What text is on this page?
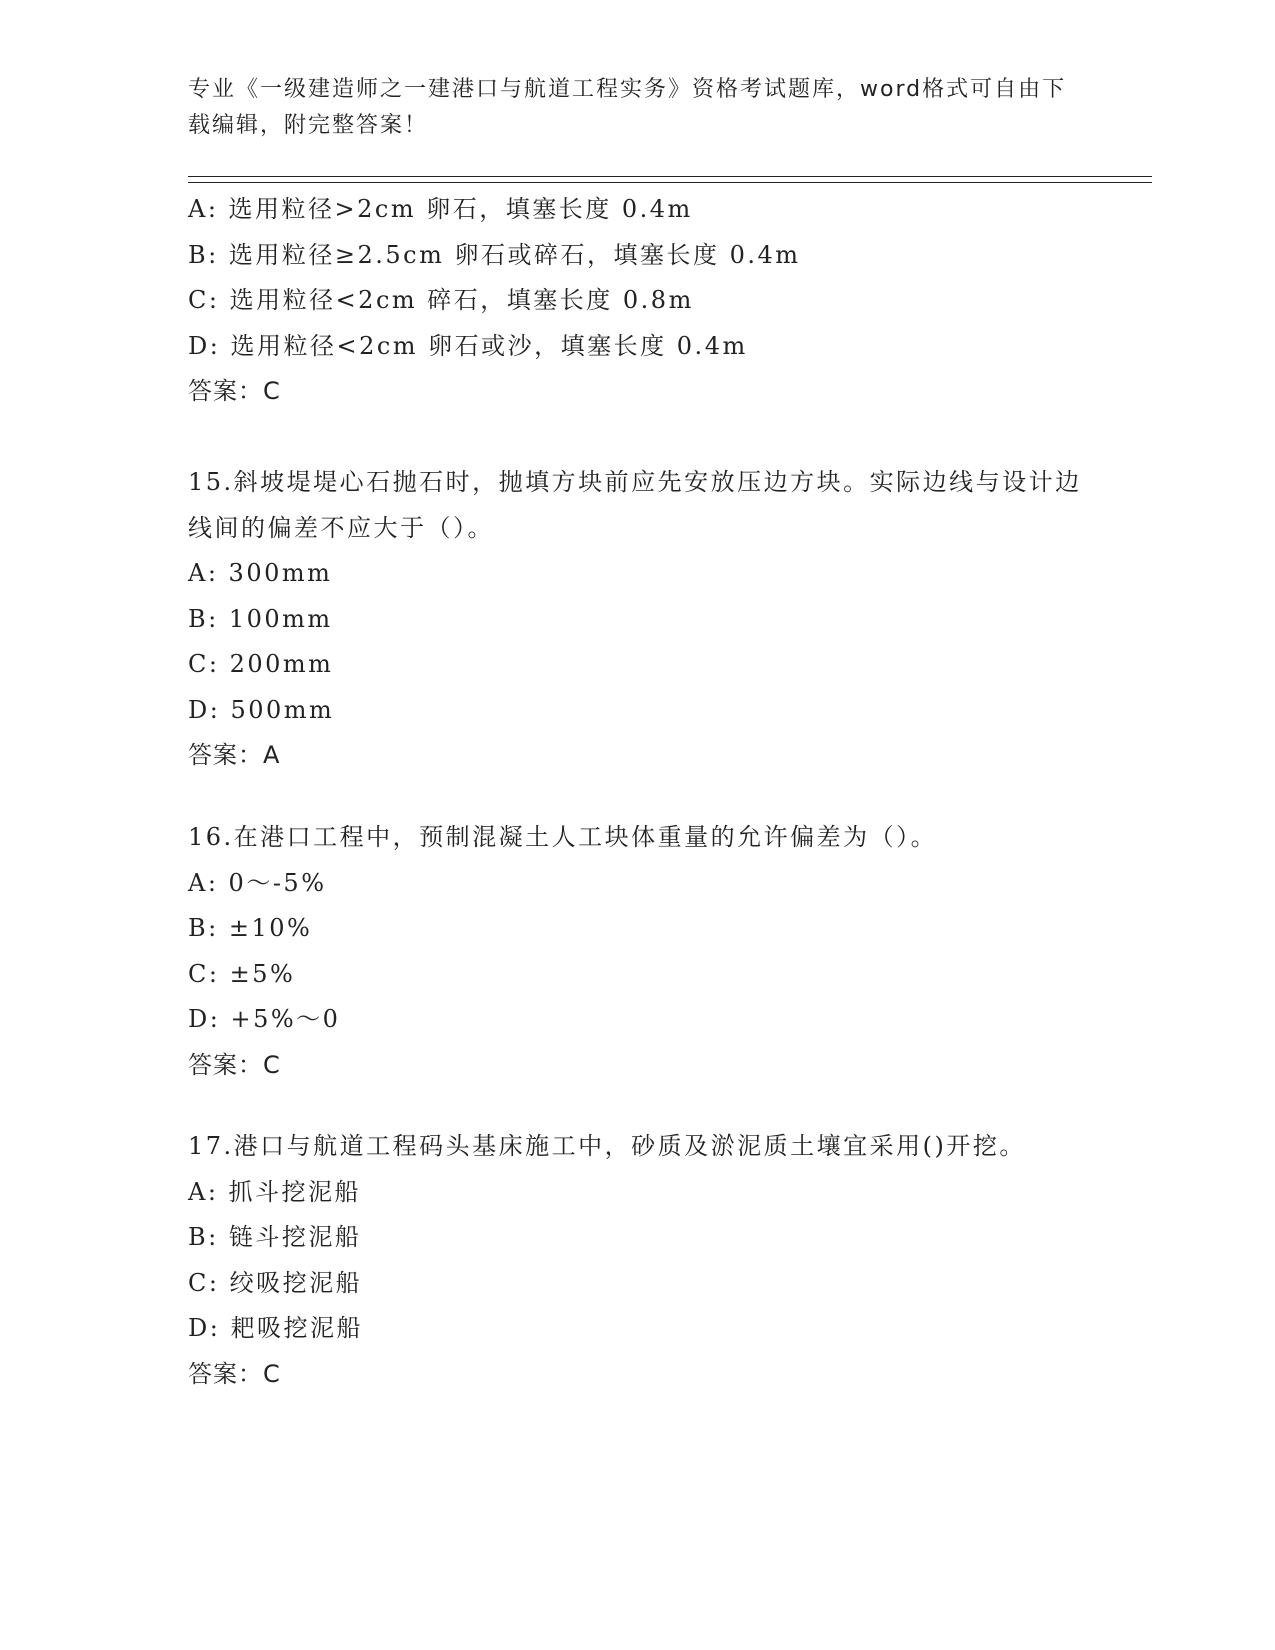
专业《一级建造师之一建港口与航道工程实务》资格考试题库，word格式可自由下载编辑，附完整答案！
A: 选用粒径>2cm 卵石，填塞长度 0.4m
B: 选用粒径≥2.5cm 卵石或碎石，填塞长度 0.4m
C: 选用粒径<2cm 碎石，填塞长度 0.8m
D: 选用粒径<2cm 卵石或沙，填塞长度 0.4m
答案：C
15.斜坡堤堤心石抛石时，抛填方块前应先安放压边方块。实际边线与设计边线间的偏差不应大于（）。
A: 300mm
B: 100mm
C: 200mm
D: 500mm
答案：A
16.在港口工程中，预制混凝土人工块体重量的允许偏差为（）。
A: 0～-5%
B: ±10%
C: ±5%
D: +5%～0
答案：C
17.港口与航道工程码头基床施工中，砂质及淤泥质土壤宜采用()开挖。
A: 抓斗挖泥船
B: 链斗挖泥船
C: 绞吸挖泥船
D: 耙吸挖泥船
答案：C
